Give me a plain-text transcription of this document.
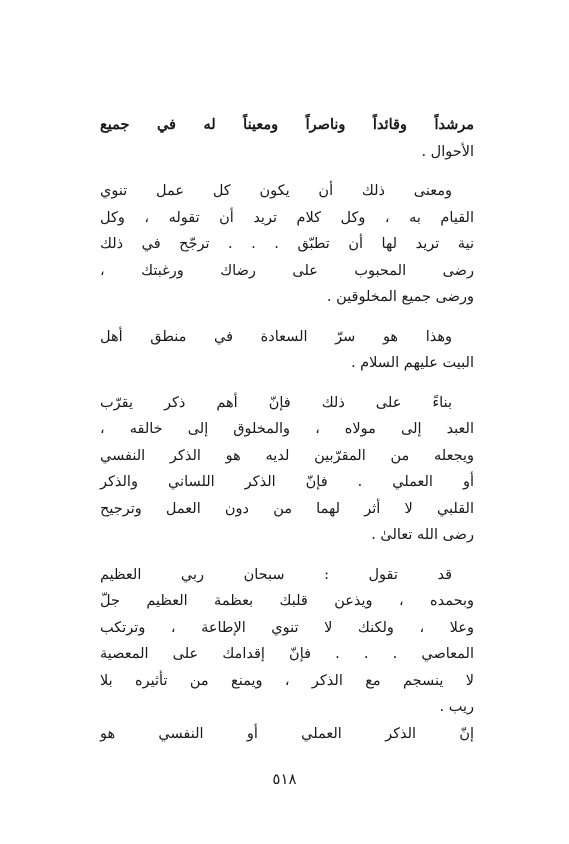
مرشداً وقائداً وناصراً ومعيناً له في جميع
الأحوال .
ومعنى ذلك أن يكون كل عمل تنوي
القيام به ، وكل كلام تريد أن تقوله ، وكل
نية تريد لها أن تطبّق . . . ترجّح في ذلك
رضى المحبوب على رضاك ورغبتك ،
ورضى جميع المخلوقين .
وهذا هو سرّ السعادة في منطق أهل
البيت عليهم السلام .
بناءً على ذلك فإنّ أهم ذكر يقرّب
العبد إلى مولاه ، والمخلوق إلى خالقه ،
ويجعله من المقرّبين لديه هو الذكر النفسي
أو العملي . فإنّ الذكر اللساني والذكر
القلبي لا أثر لهما من دون العمل وترجيح
رضى الله تعالىٰ .
قد تقول : سبحان ربي العظيم
وبحمده ، ويذعن قلبك بعظمة العظيم جلّ
وعلا ، ولكنك لا تنوي الإطاعة ، وترتكب
المعاصي . . . فإنّ إقدامك على المعصية
لا ينسجم مع الذكر ، ويمنع من تأثيره بلا
ريب .
إنّ الذكر العملي أو النفسي هو
٥١٨
